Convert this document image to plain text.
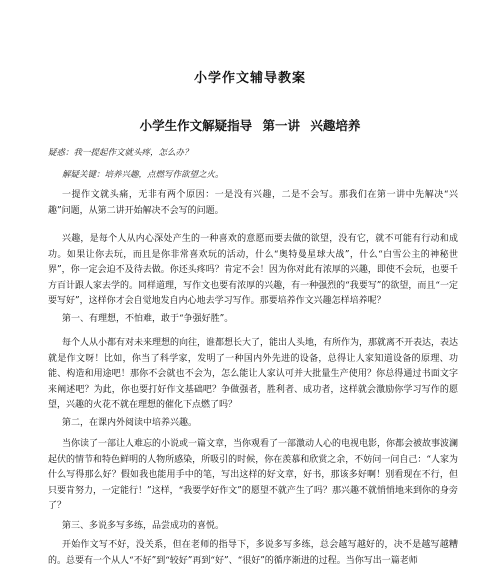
小学作文辅导教案
小学生作文解疑指导 第一讲 兴趣培养
疑惑：我一提起作文就头疼，怎么办？
解疑关键：培养兴趣，点燃写作欲望之火。

一提作文就头痛，无非有两个原因：一是没有兴趣，二是不会写。那我们在第一讲中先解决“兴趣”问题，从第二讲开始解决不会写的问题。

兴趣，是每个人从内心深处产生的一种喜欢的意愿而要去做的欲望，没有它，就不可能有行动和成功。如果让你去玩，而且是你非常喜欢玩的活动，什么“奥特曼星球大战”，什么“白雪公主的神秘世界”，你一定会迫不及待去做。你还头疼吗？肯定不会！因为你对此有浓厚的兴趣，即使不会玩，也要千方百计跟人家去学的。同样道理，写作文也要有浓厚的兴趣，有一种强烈的“我要写”的欲望，而且“一定要写好”，这样你才会自觉地发自内心地去学习写作。那要培养作文兴趣怎样培养呢？

第一、有理想，不怕难，敢于“争强好胜”。

每个人从小都有对未来理想的向往，谁都想长大了，能出人头地，有所作为，那就离不开表达，表达就是作文呀！比如，你当了科学家，发明了一种国内外先进的设备，总得让人家知道设备的原理、功能、构造和用途吧！那你不会就也不会为，怎么能让人家认可并大批量生产使用？你总得通过书面文字来阐述吧？为此，你也要打好作文基础吧？争做强者，胜利者、成功者，这样就会激励你学习写作的愿望，兴趣的火花不就在理想的催化下点燃了吗？

第二，在课内外阅读中培养兴趣。

当你读了一部让人难忘的小说或一篇文章，当你观看了一部激动人心的电视电影，你都会被故事波澜起伏的情节和特色鲜明的人物所感染，所吸引的时候，你在羡慕和欣赏之余，不妨问一问自己：“人家为什么写得那么好？假如我也能用手中的笔，写出这样的好文章，好书，那该多好啊！别看现在不行，但只要肯努力，一定能行！”这样，“我要学好作文”的愿望不就产生了吗？那兴趣不就悄悄地来到你的身旁了？

第三、多说多写多练，品尝成功的喜悦。

开始作文写不好，没关系，但在老师的指导下，多说多写多练，总会越写越好的，决不是越写越糟的。总要有一个从人“不好”到“较好”再到“好”、“很好”的循序渐进的过程。当你写出一篇老师
